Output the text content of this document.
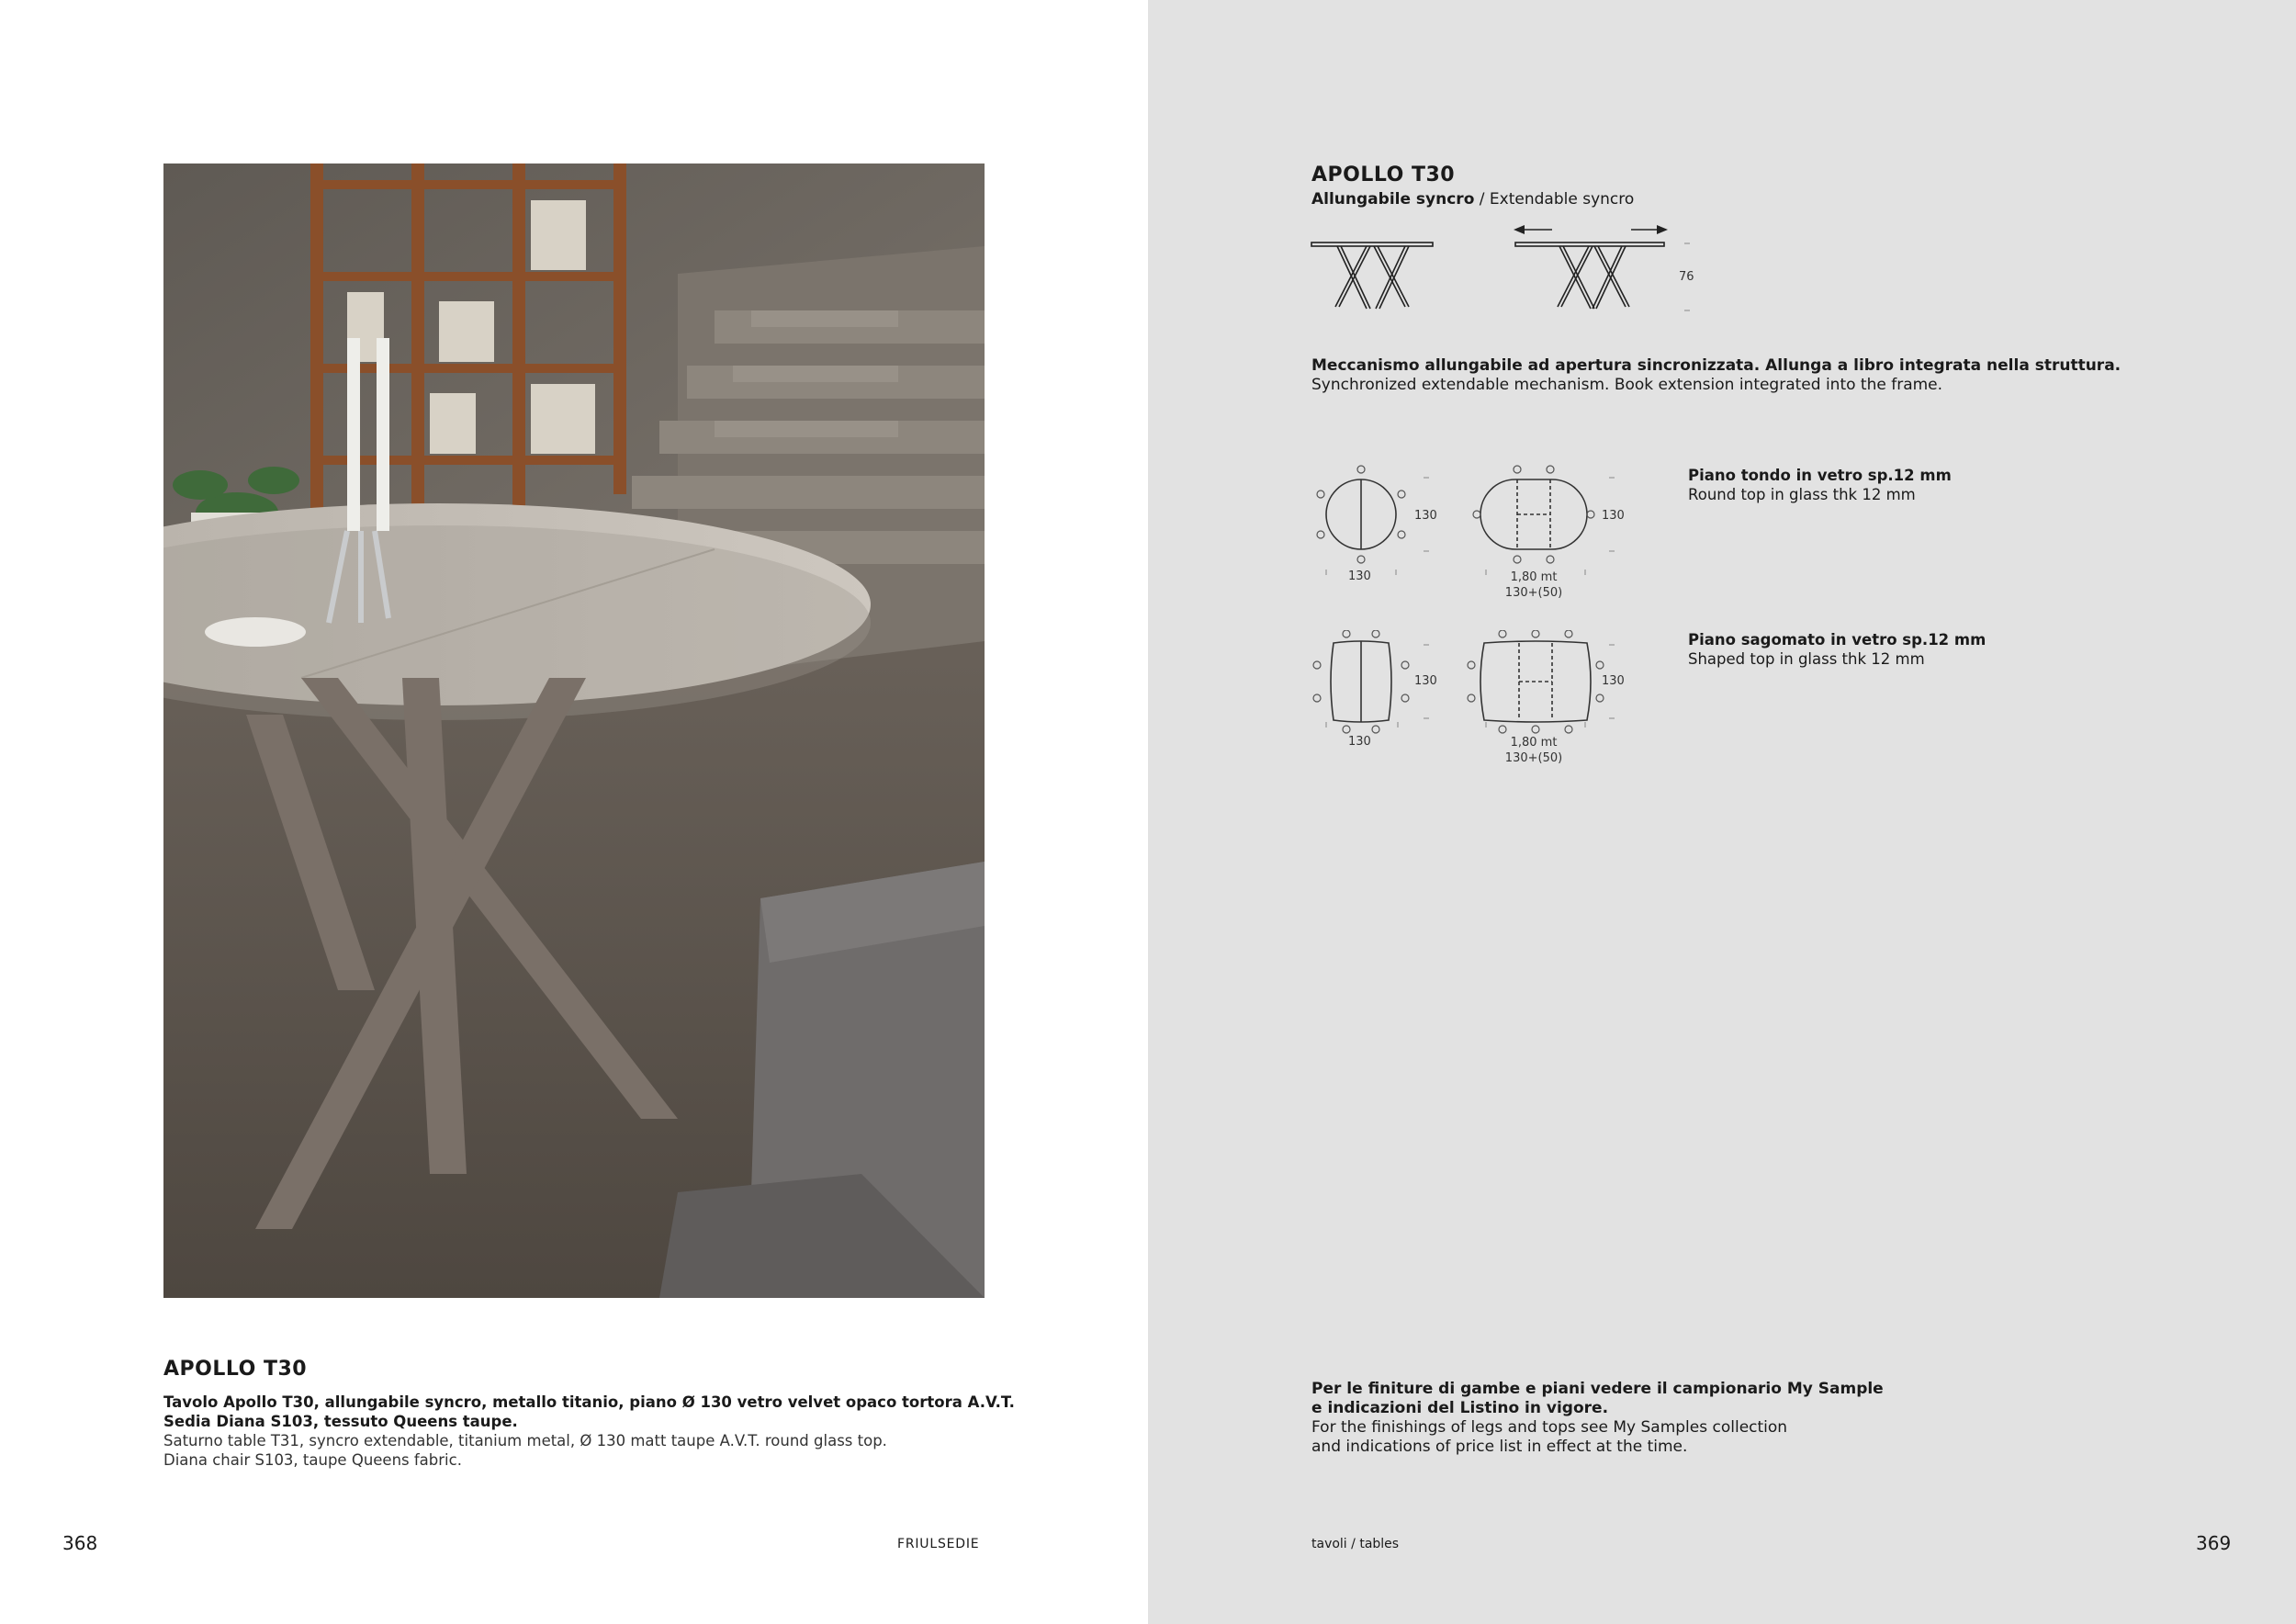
APOLLO T30
Tavolo Apollo T30, allungabile syncro, metallo titanio, piano Ø 130 vetro velvet opaco tortora A.V.T.
Sedia Diana S103, tessuto Queens taupe.
Saturno table T31, syncro extendable, titanium metal, Ø 130 matt taupe A.V.T. round glass top.
Diana chair S103, taupe Queens fabric.
368	FRIULSEDIE
APOLLO T30
Allungabile syncro / Extendable syncro
76
Meccanismo allungabile ad apertura sincronizzata. Allunga a libro integrata nella struttura.
Synchronized extendable mechanism. Book extension integrated into the frame.
130
130
130
1,80 mt
130+(50)
Piano tondo in vetro sp.12 mm
Round top in glass thk 12 mm
130
130
130
1,80 mt
130+(50)
Piano sagomato in vetro sp.12 mm
Shaped top in glass thk 12 mm
Per le finiture di gambe e piani vedere il campionario My Sample
e indicazioni del Listino in vigore.
For the finishings of legs and tops see My Samples collection
and indications of price list in effect at the time.
tavoli / tables	369
